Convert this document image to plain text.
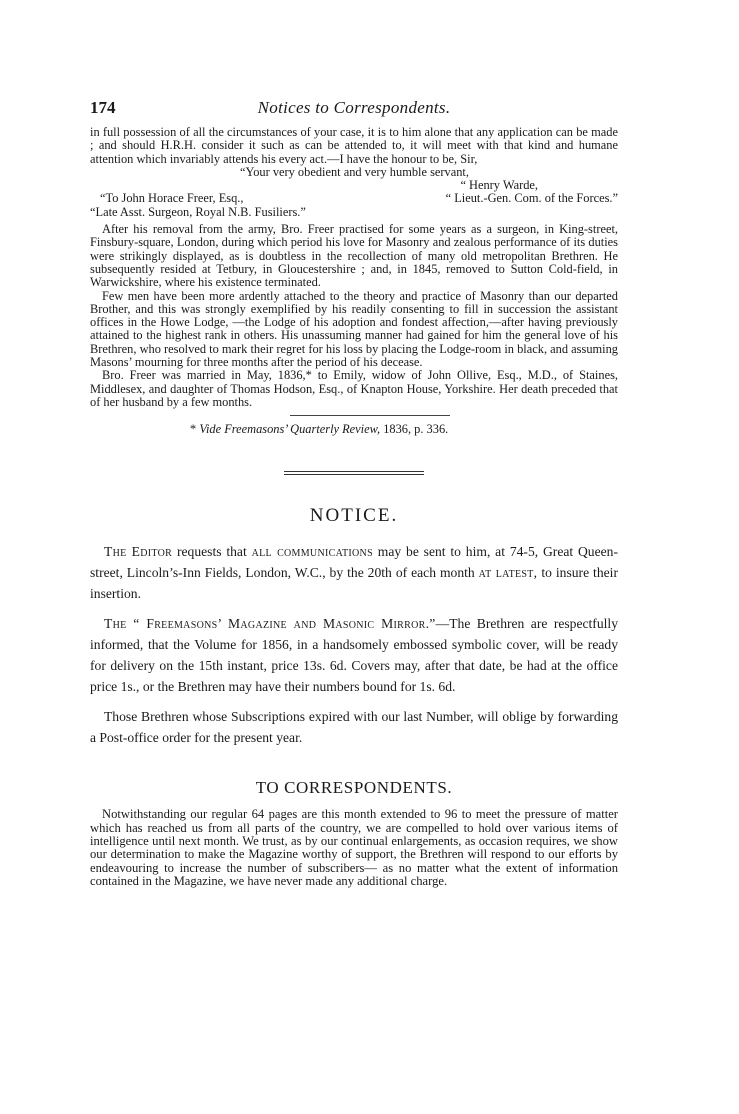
174	Notices to Correspondents.

in full possession of all the circumstances of your case, it is to him alone that any application can be made ; and should H.R.H. consider it such as can be attended to, it will meet with that kind and humane attention which invariably attends his every act.—I have the honour to be, Sir,

“Your very obedient and very humble servant,
“ Henry Warde,
“To John Horace Freer, Esq.,	“ Lieut.-Gen. Com. of the Forces.”
“Late Asst. Surgeon, Royal N.B. Fusiliers.”

After his removal from the army, Bro. Freer practised for some years as a surgeon, in King-street, Finsbury-square, London, during which period his love for Masonry and zealous performance of its duties were strikingly displayed, as is doubtless in the recollection of many old metropolitan Brethren. He subsequently resided at Tetbury, in Gloucestershire ; and, in 1845, removed to Sutton Cold-field, in Warwickshire, where his existence terminated.

Few men have been more ardently attached to the theory and practice of Masonry than our departed Brother, and this was strongly exemplified by his readily consenting to fill in succession the assistant offices in the Howe Lodge, —the Lodge of his adoption and fondest affection,—after having previously attained to the highest rank in others. His unassuming manner had gained for him the general love of his Brethren, who resolved to mark their regret for his loss by placing the Lodge-room in black, and assuming Masons’ mourning for three months after the period of his decease.

Bro. Freer was married in May, 1836,* to Emily, widow of John Ollive, Esq., M.D., of Staines, Middlesex, and daughter of Thomas Hodson, Esq., of Knapton House, Yorkshire. Her death preceded that of her husband by a few months.

* Vide Freemasons’ Quarterly Review, 1836, p. 336.

NOTICE.

The Editor requests that all communications may be sent to him, at 74-5, Great Queen-street, Lincoln’s-Inn Fields, London, W.C., by the 20th of each month at latest, to insure their insertion.

The “ Freemasons’ Magazine and Masonic Mirror.”—The Brethren are respectfully informed, that the Volume for 1856, in a handsomely embossed symbolic cover, will be ready for delivery on the 15th instant, price 13s. 6d. Covers may, after that date, be had at the office price 1s., or the Brethren may have their numbers bound for 1s. 6d.

Those Brethren whose Subscriptions expired with our last Number, will oblige by forwarding a Post-office order for the present year.

TO CORRESPONDENTS.

Notwithstanding our regular 64 pages are this month extended to 96 to meet the pressure of matter which has reached us from all parts of the country, we are compelled to hold over various items of intelligence until next month. We trust, as by our continual enlargements, as occasion requires, we show our determination to make the Magazine worthy of support, the Brethren will respond to our efforts by endeavouring to increase the number of subscribers— as no matter what the extent of information contained in the Magazine, we have never made any additional charge.
